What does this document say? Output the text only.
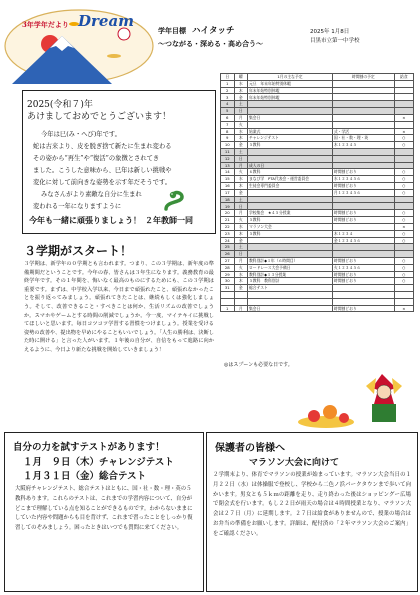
3年学年だより Dream
学年目標 ハイタッチ
～つながる・深める・高め合う～
2025年 1月8日
目黒市立第一中学校
2025(令和７)年
あけましておめでとうございます！
今年は巳(み・へび)年です。
蛇は古来より、皮を脱ぎ捨て新たに生まれ変わる
その姿から“再生”や“復活”の象徴とされてき
ました。こうした意味から、巳年は新しい挑戦や
変化に対して前向きな姿勢を示す年だそうです。
みなさんがより素敵な自分に生まれ
変われる一年になりますように
今年も一緒に頑張りましょう！ ２年教師一同
日	曜	1月の主な予定	時間割の予定	給食
1	水	元旦　年末年始特別休暇		
2	木	年末年始特別休暇		
3	金	年末年始特別休暇		
4	土			
5	日			
6	月	集会日		×
7	火			
8	水	始業式	式・学活	×
9	木	チャレンジテスト	国・社・数・理・英	○
10	金	５教科	木１２３４５	○
11	土			
12	日			
13	月	成人の日		
14	火	６教科	時間割どおり	○
15	水	まなび学　PTA代表会・運営委員会	水１２３４５６	○
16	木	生徒会専門委員会	時間割どおり	○
17	金		月１２３４５６	○
18	土			
19	日			
20	月	学校集会　★４５分授業	時間割どおり	○
21	火	５教科	時間割どおり	○
22	水	マラソン大会		×
23	木	５教科	木１２３４	○
24	金		金１２３４５６	○
25	土			
26	日			
27	月	教科別計◆１年（６時間目）	時間割どおり	○
28	火	ロードレース大会予備日	火１２３４５６	○
29	水	教科別計◆１３分授業	時間割どおり	○
30	木	５教科　教科別計	時間割どおり	○
31	金	総合テスト		

1	月	集会日	時間割どおり	×
◎はスプーンも必要な日です。
３学期がスタート！
３学期は、新学年の０学期とも言われます。つまり、この３学期は、新年度の準備期間だということです。今年の春、皆さんは３年生になります。義務教育の最終学年です。その１年間を、悔いなく最高のものにするためにも、この３学期は重要です。まずは、中学校入学以来、今日まで頑張れたこと、頑張れなかったことを振り返ってみましょう。頑張れてきたことは、継続もしくは強化しましょう。そして、改善できること・すべきことは何か、生活リズムの改善でしょうか。スマホやゲームとする時間の削減でしょうか。今一度、マイテキイに挑戦してほしいと思います。毎日コツコツ学習する習慣をつけましょう。授業を受ける姿勢の改善や、提出物を早めにやることもいいでしょう。「人生の勝利は、決断した時に開ける」と言った人がいます。１年後の自分が、自信をもって進路に向かえるように、今日より新たな挑戦を開始していきましょう！
自分の力を試すテストがあります！
１月　９日（木）チャレンジテスト
１月３１日（金）総合テスト
大阪府チャレンジテスト、総合テストはともに、国・社・数・理・英の５教科あります。これらのテストは、これまでの学習内容について、自分がどこまで理解している点を知ることができるものです。わからないままにしていた内容や問題からも目を背けず、これまで習ったことをしっかり復習してのぞみましょう。困ったときはいつでも質問に来てください。
保護者の皆様へ
マラソン大会に向けて
２学期末より、体育でマラソンの授業が始まっています。マラソン大会当日の１月２２日（水）は体操服で登校し、学校から二色ノ浜パークタウンまで歩いて向かいます。男女とも５ｋｍの距離を走り、走り終わった後はショッピングー広場で閉会式を行います。もし２２日が雨天の場合は４時間授業となり、マラソン大会は２７日（月）に延期します。２７日は給食がありませんので、授業の場合はお弁当の準備をお願いします。詳細は、配付済の「２年マラソン大会のご案内」をご確認ください。
